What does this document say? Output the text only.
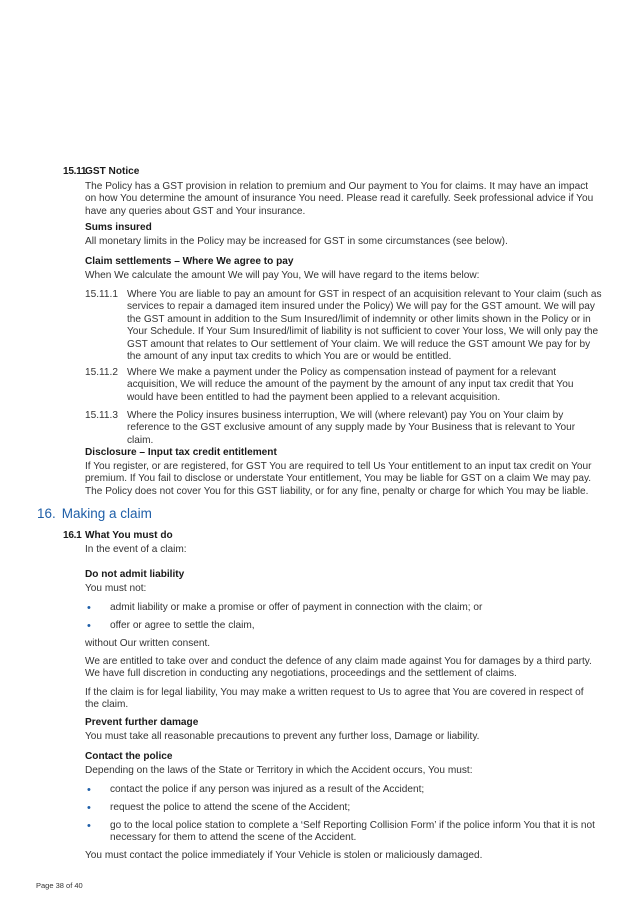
15.11

GST Notice

The Policy has a GST provision in relation to premium and Our payment to You for claims. It may have an impact on how You determine the amount of insurance You need. Please read it carefully. Seek professional advice if You have any queries about GST and Your insurance.

Sums insured

All monetary limits in the Policy may be increased for GST in some circumstances (see below).

Claim settlements – Where We agree to pay

When We calculate the amount We will pay You, We will have regard to the items below:

15.11.1 Where You are liable to pay an amount for GST in respect of an acquisition relevant to Your claim (such as services to repair a damaged item insured under the Policy) We will pay for the GST amount. We will pay the GST amount in addition to the Sum Insured/limit of indemnity or other limits shown in the Policy or in Your Schedule. If Your Sum Insured/limit of liability is not sufficient to cover Your loss, We will only pay the GST amount that relates to Our settlement of Your claim. We will reduce the GST amount We pay for by the amount of any input tax credits to which You are or would be entitled.

15.11.2 Where We make a payment under the Policy as compensation instead of payment for a relevant acquisition, We will reduce the amount of the payment by the amount of any input tax credit that You would have been entitled to had the payment been applied to a relevant acquisition.

15.11.3 Where the Policy insures business interruption, We will (where relevant) pay You on Your claim by reference to the GST exclusive amount of any supply made by Your Business that is relevant to Your claim.

Disclosure – Input tax credit entitlement

If You register, or are registered, for GST You are required to tell Us Your entitlement to an input tax credit on Your premium. If You fail to disclose or understate Your entitlement, You may be liable for GST on a claim We may pay. The Policy does not cover You for this GST liability, or for any fine, penalty or charge for which You may be liable.

16. Making a claim
16.1 What You must do

In the event of a claim:

Do not admit liability

You must not:

• admit liability or make a promise or offer of payment in connection with the claim; or

• offer or agree to settle the claim,

without Our written consent.

We are entitled to take over and conduct the defence of any claim made against You for damages by a third party. We have full discretion in conducting any negotiations, proceedings and the settlement of claims.

If the claim is for legal liability, You may make a written request to Us to agree that You are covered in respect of the claim.

Prevent further damage

You must take all reasonable precautions to prevent any further loss, Damage or liability.

Contact the police

Depending on the laws of the State or Territory in which the Accident occurs, You must:

• contact the police if any person was injured as a result of the Accident;

• request the police to attend the scene of the Accident;

• go to the local police station to complete a ‘Self Reporting Collision Form’ if the police inform You that it is not necessary for them to attend the scene of the Accident.

You must contact the police immediately if Your Vehicle is stolen or maliciously damaged.

Page 38 of 40
